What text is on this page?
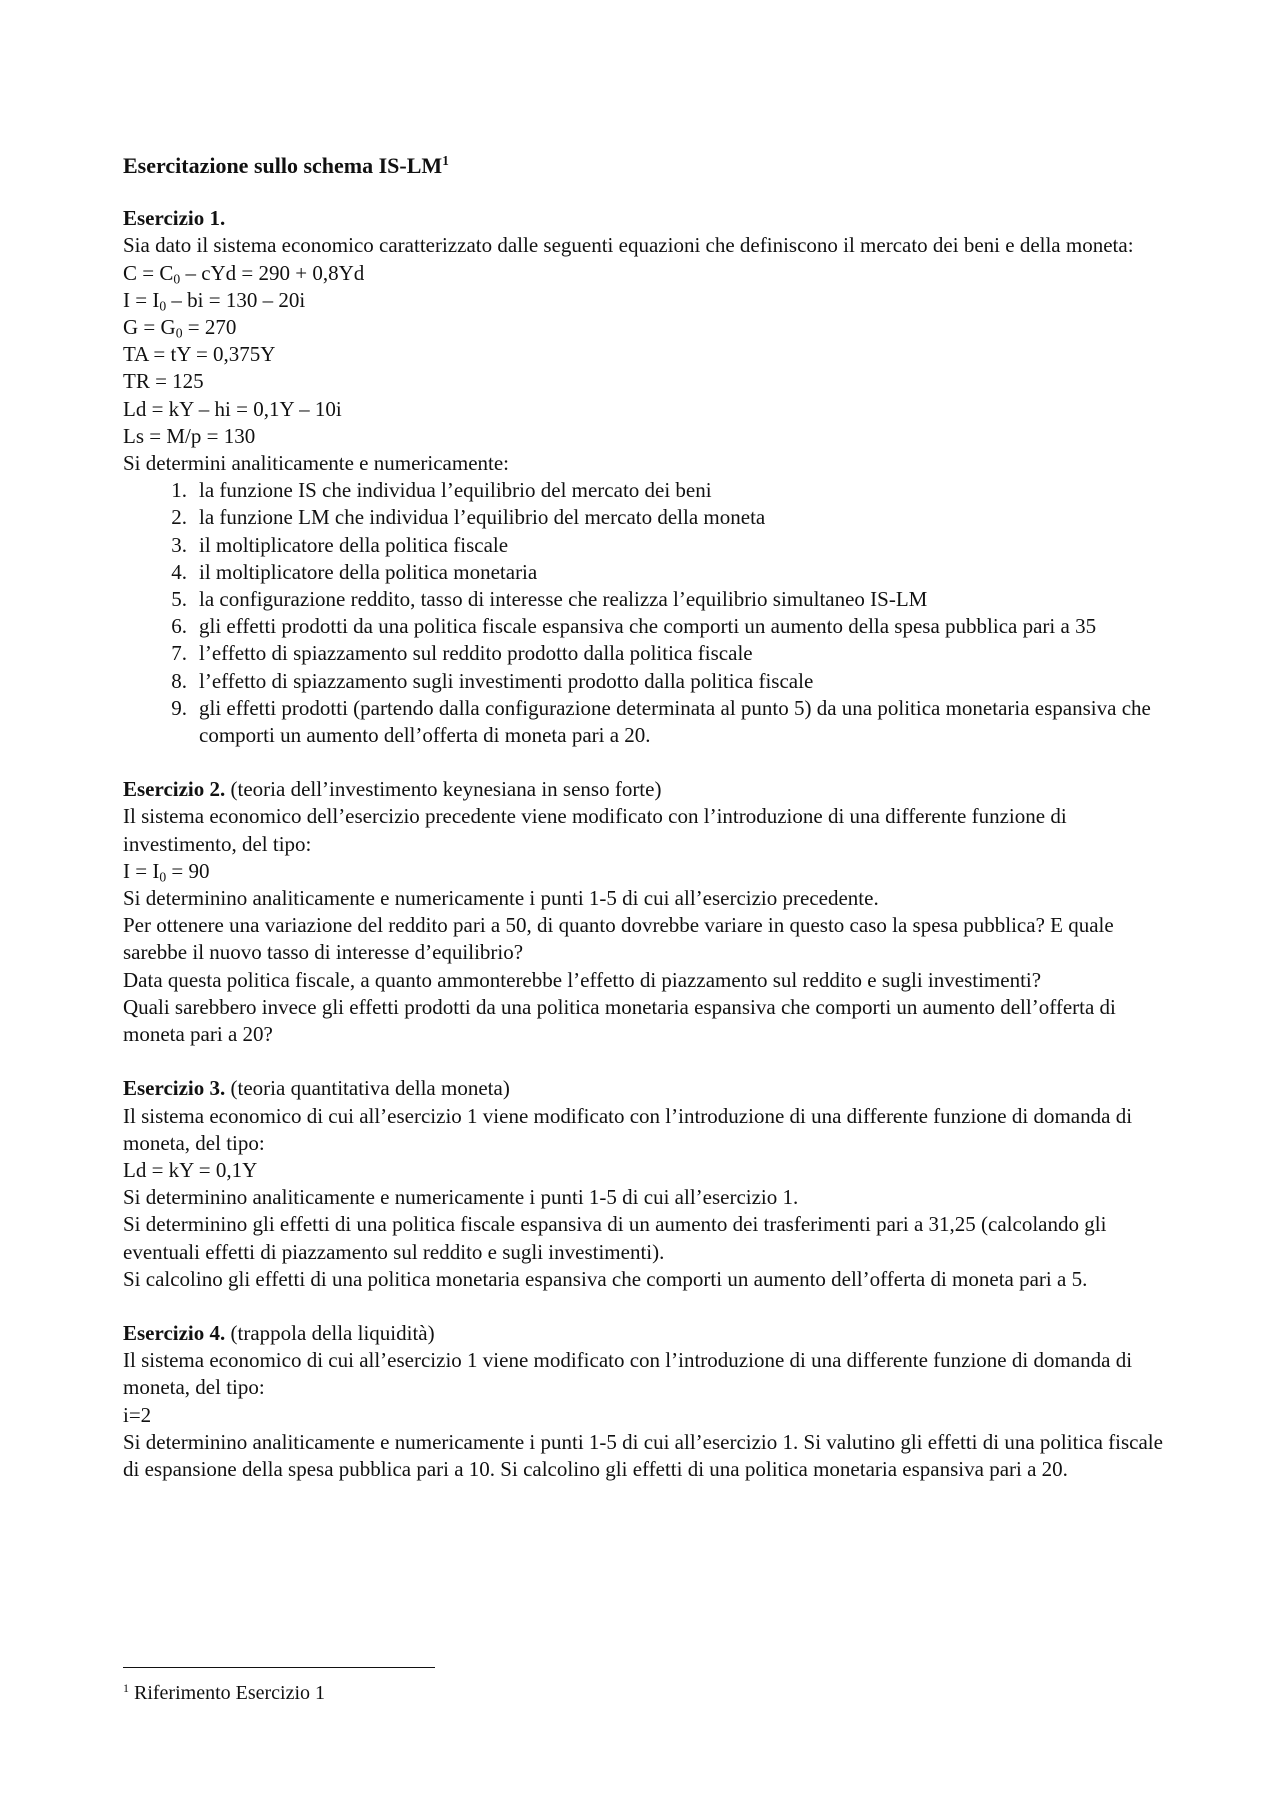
Esercitazione sullo schema $IS-LM^1$

Esercizio 1.

Sia dato il sistema economico caratterizzato dalle seguenti equazioni che definiscono il mercato dei beni e della moneta:

$C = C_0$ – cYd = 290 + 0,8Yd

$I = I_0$ – bi = 130 – 20i

$G = G_0 = 270$

TA = tY = 0,375Y

TR = 125

Ld = kY – hi = 0,1Y – 10i

Ls = M/p = 130

Si determini analiticamente e numericamente:

1. la funzione IS che individua l’equilibrio del mercato dei beni
2. la funzione LM che individua l’equilibrio del mercato della moneta
3. il moltiplicatore della politica fiscale
4. il moltiplicatore della politica monetaria
5. la configurazione reddito, tasso di interesse che realizza l’equilibrio simultaneo IS-LM
6. gli effetti prodotti da una politica fiscale espansiva che comporti un aumento della spesa pubblica pari a 35
7. l’effetto di spiazzamento sul reddito prodotto dalla politica fiscale
8. l’effetto di spiazzamento sugli investimenti prodotto dalla politica fiscale
9. gli effetti prodotti (partendo dalla configurazione determinata al punto 5) da una politica monetaria espansiva che comporti un aumento dell’offerta di moneta pari a 20.

Esercizio 2. (teoria dell’investimento keynesiana in senso forte)

Il sistema economico dell’esercizio precedente viene modificato con l’introduzione di una differente funzione di investimento, del tipo:

$I = I_0 = 90$

Si determinino analiticamente e numericamente i punti 1-5 di cui all’esercizio precedente.

Per ottenere una variazione del reddito pari a 50, di quanto dovrebbe variare in questo caso la spesa pubblica? E quale sarebbe il nuovo tasso di interesse d’equilibrio?

Data questa politica fiscale, a quanto ammonterebbe l’effetto di piazzamento sul reddito e sugli investimenti?

Quali sarebbero invece gli effetti prodotti da una politica monetaria espansiva che comporti un aumento dell’offerta di moneta pari a 20?

Esercizio 3. (teoria quantitativa della moneta)

Il sistema economico di cui all’esercizio 1 viene modificato con l’introduzione di una differente funzione di domanda di moneta, del tipo:

Ld = kY = 0,1Y

Si determinino analiticamente e numericamente i punti 1-5 di cui all’esercizio 1.

Si determinino gli effetti di una politica fiscale espansiva di un aumento dei trasferimenti pari a 31,25 (calcolando gli eventuali effetti di piazzamento sul reddito e sugli investimenti).

Si calcolino gli effetti di una politica monetaria espansiva che comporti un aumento dell’offerta di moneta pari a 5.

Esercizio 4. (trappola della liquidità)

Il sistema economico di cui all’esercizio 1 viene modificato con l’introduzione di una differente funzione di domanda di moneta, del tipo:

i=2

Si determinino analiticamente e numericamente i punti 1-5 di cui all’esercizio 1. Si valutino gli effetti di una politica fiscale di espansione della spesa pubblica pari a 10. Si calcolino gli effetti di una politica monetaria espansiva pari a 20.

$^1$ Riferimento Esercizio 1
